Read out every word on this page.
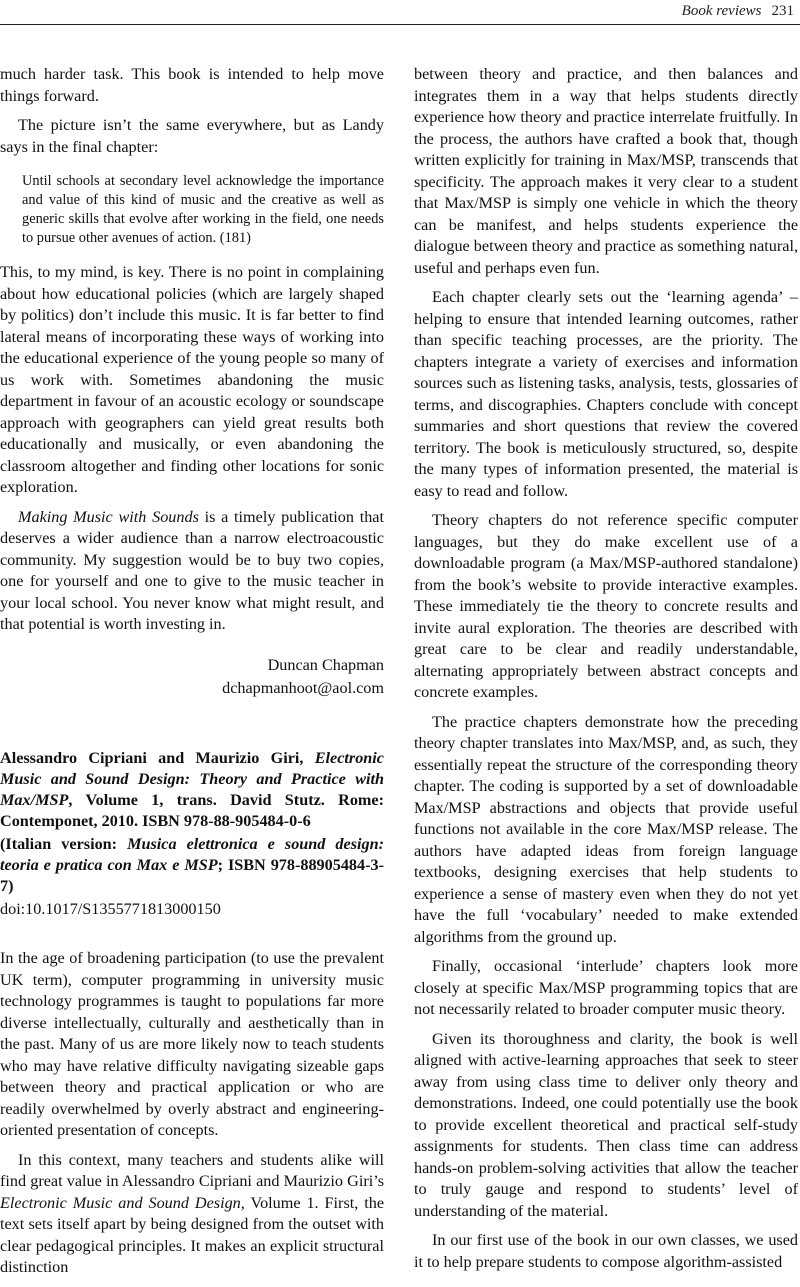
Book reviews 231

much harder task. This book is intended to help move things forward.

The picture isn’t the same everywhere, but as Landy says in the final chapter:

Until schools at secondary level acknowledge the importance and value of this kind of music and the creative as well as generic skills that evolve after working in the field, one needs to pursue other avenues of action. (181)

This, to my mind, is key. There is no point in complaining about how educational policies (which are largely shaped by politics) don’t include this music. It is far better to find lateral means of incorporating these ways of working into the educational experience of the young people so many of us work with. Sometimes abandoning the music department in favour of an acoustic ecology or soundscape approach with geographers can yield great results both educationally and musically, or even abandoning the classroom altogether and finding other locations for sonic exploration.

Making Music with Sounds is a timely publication that deserves a wider audience than a narrow electroacoustic community. My suggestion would be to buy two copies, one for yourself and one to give to the music teacher in your local school. You never know what might result, and that potential is worth investing in.

Duncan Chapman
dchapmanhoot@aol.com

Alessandro Cipriani and Maurizio Giri, Electronic Music and Sound Design: Theory and Practice with Max/MSP, Volume 1, trans. David Stutz. Rome: Contemponet, 2010. ISBN 978-88-905484-0-6

(Italian version: Musica elettronica e sound design: teoria e pratica con Max e MSP; ISBN 978-88905484-3-7)

doi:10.1017/S1355771813000150

In the age of broadening participation (to use the prevalent UK term), computer programming in university music technology programmes is taught to populations far more diverse intellectually, culturally and aesthetically than in the past. Many of us are more likely now to teach students who may have relative difficulty navigating sizeable gaps between theory and practical application or who are readily overwhelmed by overly abstract and engineering-oriented presentation of concepts.

In this context, many teachers and students alike will find great value in Alessandro Cipriani and Maurizio Giri’s Electronic Music and Sound Design, Volume 1. First, the text sets itself apart by being designed from the outset with clear pedagogical principles. It makes an explicit structural distinction

between theory and practice, and then balances and integrates them in a way that helps students directly experience how theory and practice interrelate fruitfully. In the process, the authors have crafted a book that, though written explicitly for training in Max/MSP, transcends that specificity. The approach makes it very clear to a student that Max/MSP is simply one vehicle in which the theory can be manifest, and helps students experience the dialogue between theory and practice as something natural, useful and perhaps even fun.

Each chapter clearly sets out the ‘learning agenda’ – helping to ensure that intended learning outcomes, rather than specific teaching processes, are the priority. The chapters integrate a variety of exercises and information sources such as listening tasks, analysis, tests, glossaries of terms, and discographies. Chapters conclude with concept summaries and short questions that review the covered territory. The book is meticulously structured, so, despite the many types of information presented, the material is easy to read and follow.

Theory chapters do not reference specific computer languages, but they do make excellent use of a downloadable program (a Max/MSP-authored standalone) from the book’s website to provide interactive examples. These immediately tie the theory to concrete results and invite aural exploration. The theories are described with great care to be clear and readily understandable, alternating appropriately between abstract concepts and concrete examples.

The practice chapters demonstrate how the preceding theory chapter translates into Max/MSP, and, as such, they essentially repeat the structure of the corresponding theory chapter. The coding is supported by a set of downloadable Max/MSP abstractions and objects that provide useful functions not available in the core Max/MSP release. The authors have adapted ideas from foreign language textbooks, designing exercises that help students to experience a sense of mastery even when they do not yet have the full ‘vocabulary’ needed to make extended algorithms from the ground up.

Finally, occasional ‘interlude’ chapters look more closely at specific Max/MSP programming topics that are not necessarily related to broader computer music theory.

Given its thoroughness and clarity, the book is well aligned with active-learning approaches that seek to steer away from using class time to deliver only theory and demonstrations. Indeed, one could potentially use the book to provide excellent theoretical and practical self-study assignments for students. Then class time can address hands-on problem-solving activities that allow the teacher to truly gauge and respond to students’ level of understanding of the material.

In our first use of the book in our own classes, we used it to help prepare students to compose algorithm-assisted
